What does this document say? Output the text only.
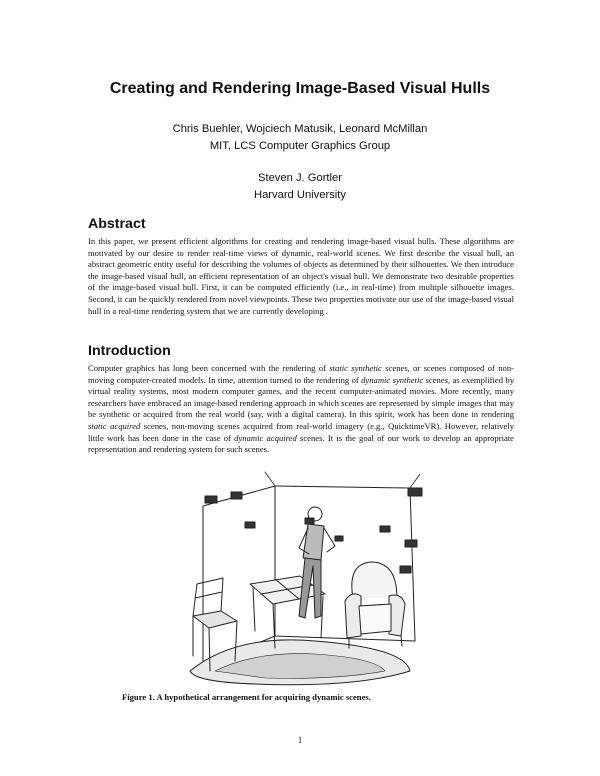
Creating and Rendering Image-Based Visual Hulls
Chris Buehler, Wojciech Matusik, Leonard McMillan
MIT, LCS Computer Graphics Group
Steven J. Gortler
Harvard University
Abstract

In this paper, we present efficient algorithms for creating and rendering image-based visual hulls. These algorithms are motivated by our desire to render real-time views of dynamic, real-world scenes. We first describe the visual hull, an abstract geometric entity useful for describing the volumes of objects as determined by their silhouettes. We then introduce the image-based visual hull, an efficient representation of an object's visual hull. We demonstrate two desirable properties of the image-based visual hull. First, it can be computed efficiently (i.e., in real-time) from multiple silhouette images. Second, it can be quickly rendered from novel viewpoints. These two properties motivate our use of the image-based visual hull in a real-time rendering system that we are currently developing .

Introduction

Computer graphics has long been concerned with the rendering of static synthetic scenes, or scenes composed of non-moving computer-created models. In time, attention turned to the rendering of dynamic synthetic scenes, as exemplified by virtual reality systems, most modern computer games, and the recent computer-animated movies. More recently, many researchers have embraced an image-based rendering approach in which scenes are represented by simple images that may be synthetic or acquired from the real world (say, with a digital camera). In this spirit, work has been done in rendering static acquired scenes, non-moving scenes acquired from real-world imagery (e.g., QuicktimeVR). However, relatively little work has been done in the case of dynamic acquired scenes. It is the goal of our work to develop an appropriate representation and rendering system for such scenes.

Figure 1. A hypothetical arrangement for acquiring dynamic scenes.

1
